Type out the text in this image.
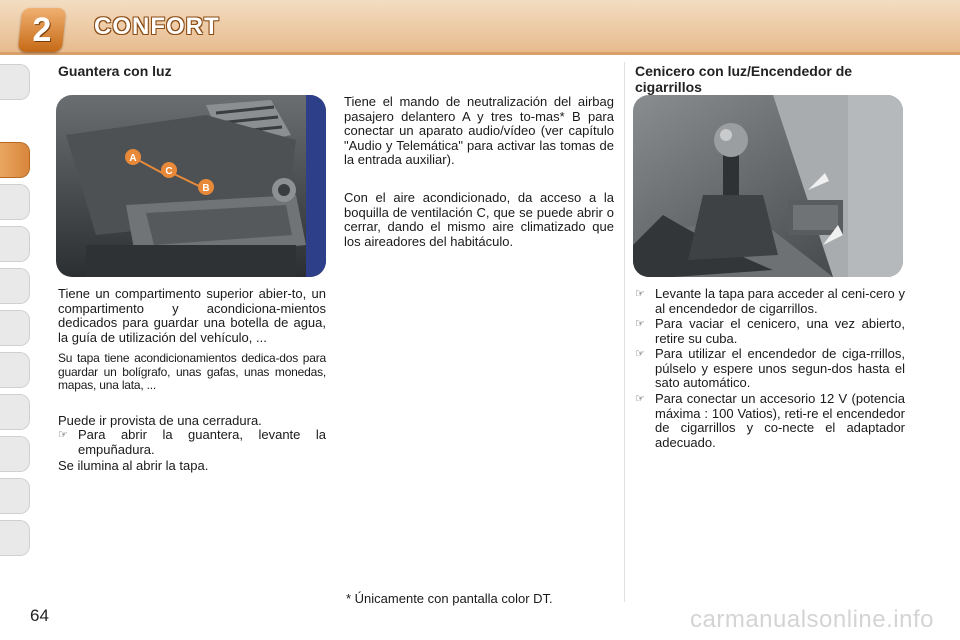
2	CONFORT
Guantera con luz
A
C
B

Tiene un compartimento superior abier-to, un compartimento y acondiciona-mientos dedicados para guardar una botella de agua, la guía de utilización del vehículo, ...

Su tapa tiene acondicionamientos dedica-dos para guardar un bolígrafo, unas gafas, unas monedas, mapas, una lata, ...

Puede ir provista de una cerradura.

☞ Para abrir la guantera, levante la empuñadura.

Se ilumina al abrir la tapa.

Tiene el mando de neutralización del airbag pasajero delantero A y tres to-mas* B para conectar un aparato audio/vídeo (ver capítulo "Audio y Telemática" para activar las tomas de la entrada auxiliar).

Con el aire acondicionado, da acceso a la boquilla de ventilación C, que se puede abrir o cerrar, dando el mismo aire climatizado que los aireadores del habitáculo.

* Únicamente con pantalla color DT.
Cenicero con luz/Encendedor de cigarrillos
☞ Levante la tapa para acceder al ceni-cero y al encendedor de cigarrillos.
☞ Para vaciar el cenicero, una vez abierto, retire su cuba.
☞ Para utilizar el encendedor de ciga-rrillos, púlselo y espere unos segun-dos hasta el sato automático.
☞ Para conectar un accesorio 12 V (potencia máxima : 100 Vatios), reti-re el encendedor de cigarrillos y co-necte el adaptador adecuado.
64	carmanualsonline.info
